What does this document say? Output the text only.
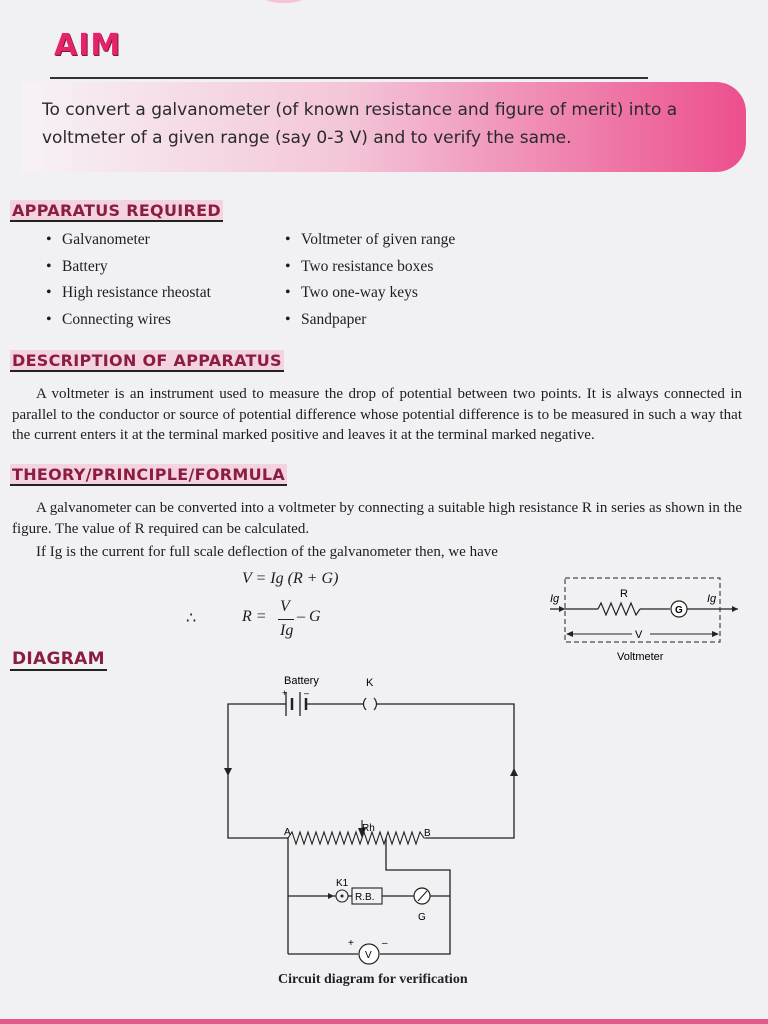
AIM

To convert a galvanometer (of known resistance and figure of merit) into a voltmeter of a given range (say 0-3 V) and to verify the same.

APPARATUS REQUIRED
• Galvanometer
• Battery
• High resistance rheostat
• Connecting wires
• Voltmeter of given range
• Two resistance boxes
• Two one-way keys
• Sandpaper
DESCRIPTION OF APPARATUS

A voltmeter is an instrument used to measure the drop of potential between two points. It is always connected in parallel to the conductor or source of potential difference whose potential difference is to be measured in such a way that the current enters it at the terminal marked positive and leaves it at the terminal marked negative.

THEORY/PRINCIPLE/FORMULA

A galvanometer can be converted into a voltmeter by connecting a suitable high resistance R in series as shown in the figure. The value of R required can be calculated.

If Ig is the current for full scale deflection of the galvanometer then, we have

V = Ig (R + G)
∴	R =
V
Ig
– G
Ig	R
G
Ig
V
Voltmeter
DIAGRAM
Battery	K
+ –
Rh
A	B
K1
R.B.
G
V
+	–

Circuit diagram for verification
